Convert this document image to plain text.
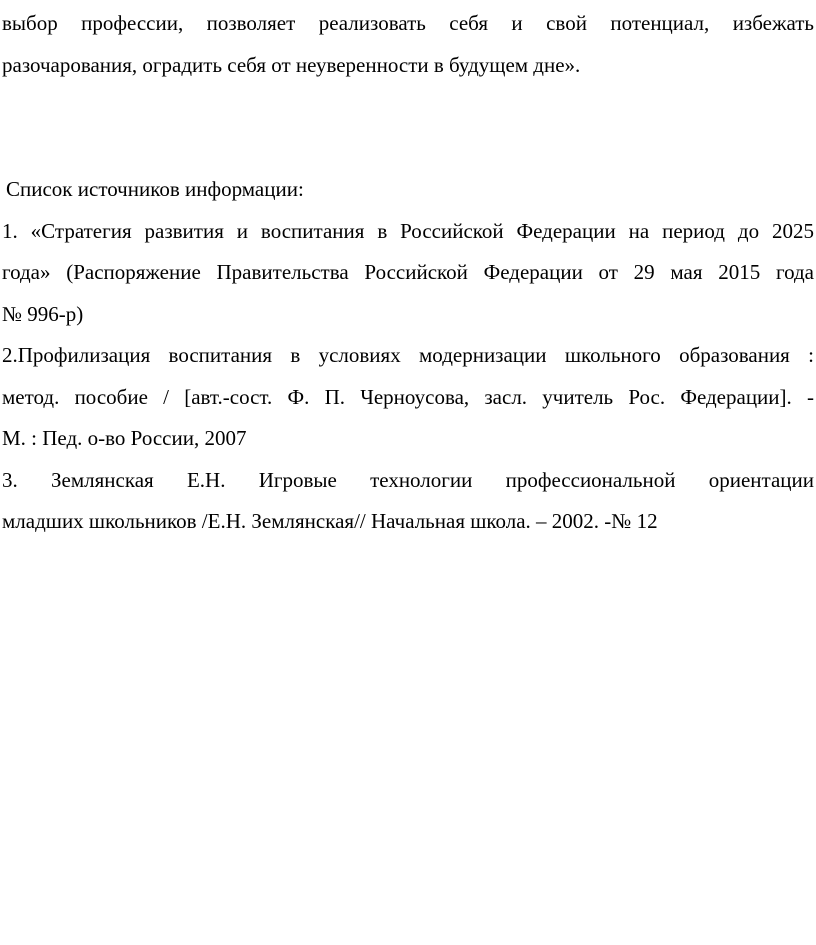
выбор профессии, позволяет реализовать себя и свой потенциал, избежать
разочарования, оградить себя от неуверенности в будущем дне».

Список источников информации:

1. «Стратегия развития и воспитания в Российской Федерации на период до 2025
года» (Распоряжение Правительства Российской Федерации от 29 мая 2015 года
№ 996-р)
2.Профилизация воспитания в условиях модернизации школьного образования :
метод. пособие / [авт.-сост. Ф. П. Черноусова, засл. учитель Рос. Федерации]. -
М. : Пед. о-во России, 2007
3. Землянская Е.Н. Игровые технологии профессиональной ориентации
младших школьников /Е.Н. Землянская// Начальная школа. – 2002. -№ 12
